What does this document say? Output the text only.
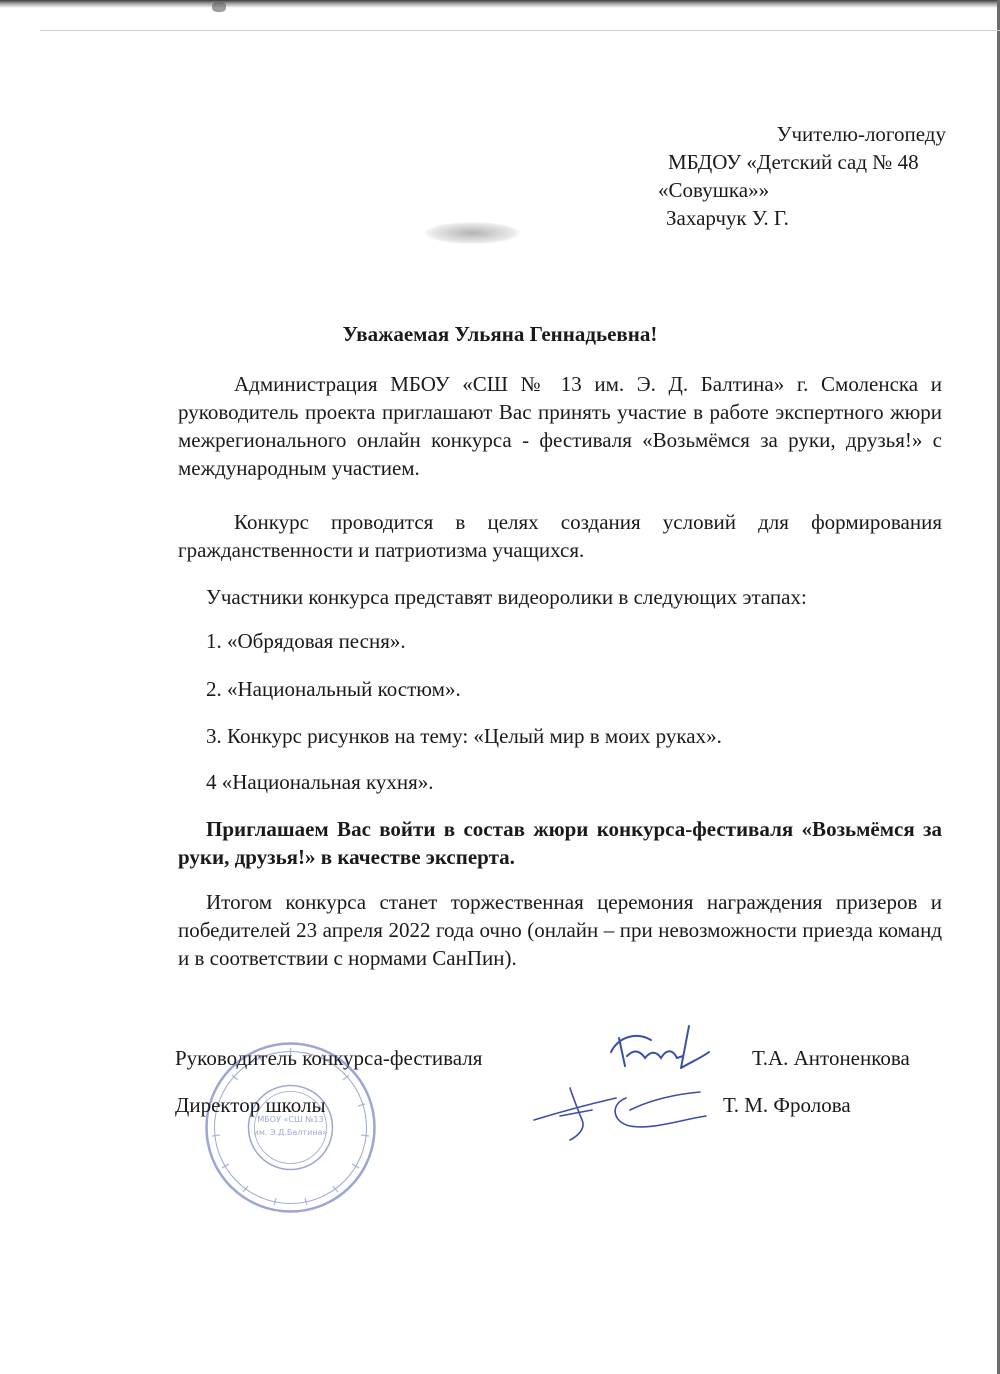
Учителю-логопеду
МБДОУ «Детский сад № 48
«Совушка»»
Захарчук У. Г.
Уважаемая Ульяна Геннадьевна!
Администрация МБОУ «СШ № 13 им. Э. Д. Балтина» г. Смоленска и руководитель проекта приглашают Вас принять участие в работе экспертного жюри межрегионального онлайн конкурса - фестиваля «Возьмёмся за руки, друзья!» с международным участием.
Конкурс проводится в целях создания условий для формирования гражданственности и патриотизма учащихся.
Участники конкурса представят видеоролики в следующих этапах:
1. «Обрядовая песня».
2. «Национальный костюм».
3. Конкурс рисунков на тему: «Целый мир в моих руках».
4 «Национальная кухня».
Приглашаем Вас войти в состав жюри конкурса-фестиваля «Возьмёмся за руки, друзья!» в качестве эксперта.
Итогом конкурса станет торжественная церемония награждения призеров и победителей 23 апреля 2022 года очно (онлайн – при невозможности приезда команд и в соответствии с нормами СанПин).
МБОУ «СШ №13
им. Э.Д.Балтина»
Руководитель конкурса-фестиваля	Т.А. Антоненкова
Директор школы	Т. М. Фролова
